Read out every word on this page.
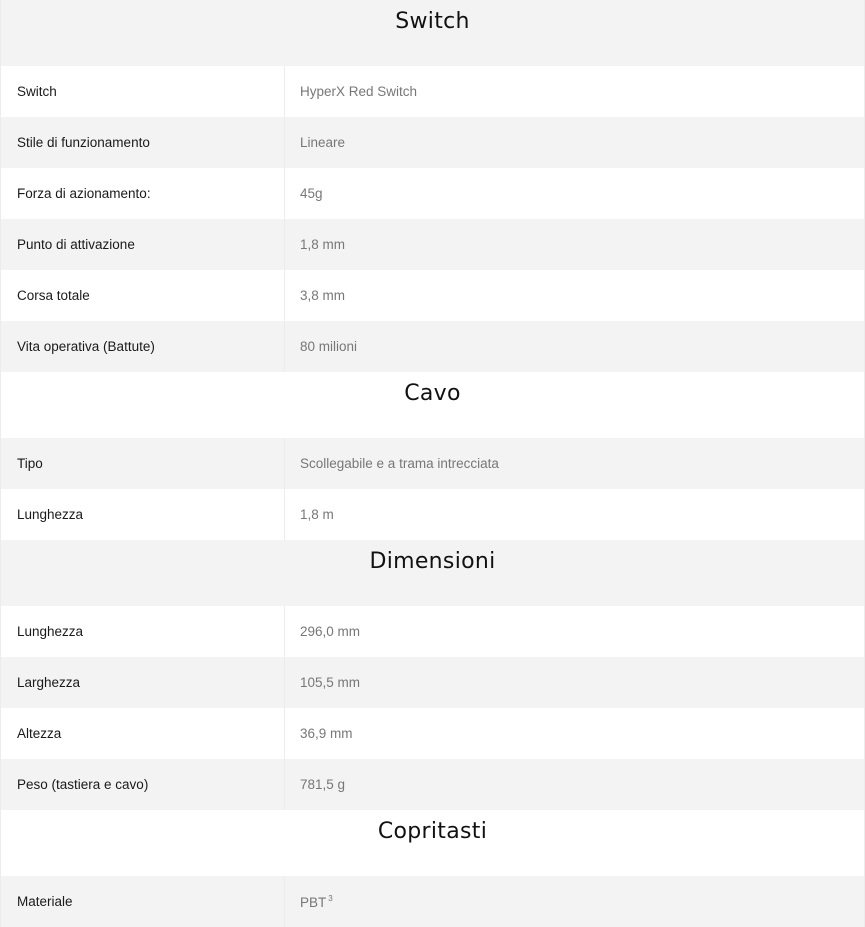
Switch
Switch	HyperX Red Switch
Stile di funzionamento	Lineare
Forza di azionamento:	45g
Punto di attivazione	1,8 mm
Corsa totale	3,8 mm
Vita operativa (Battute)	80 milioni
Cavo
Tipo	Scollegabile e a trama intrecciata
Lunghezza	1,8 m
Dimensioni
Lunghezza	296,0 mm
Larghezza	105,5 mm
Altezza	36,9 mm
Peso (tastiera e cavo)	781,5 g
Copritasti
Materiale	PBT $^3$
